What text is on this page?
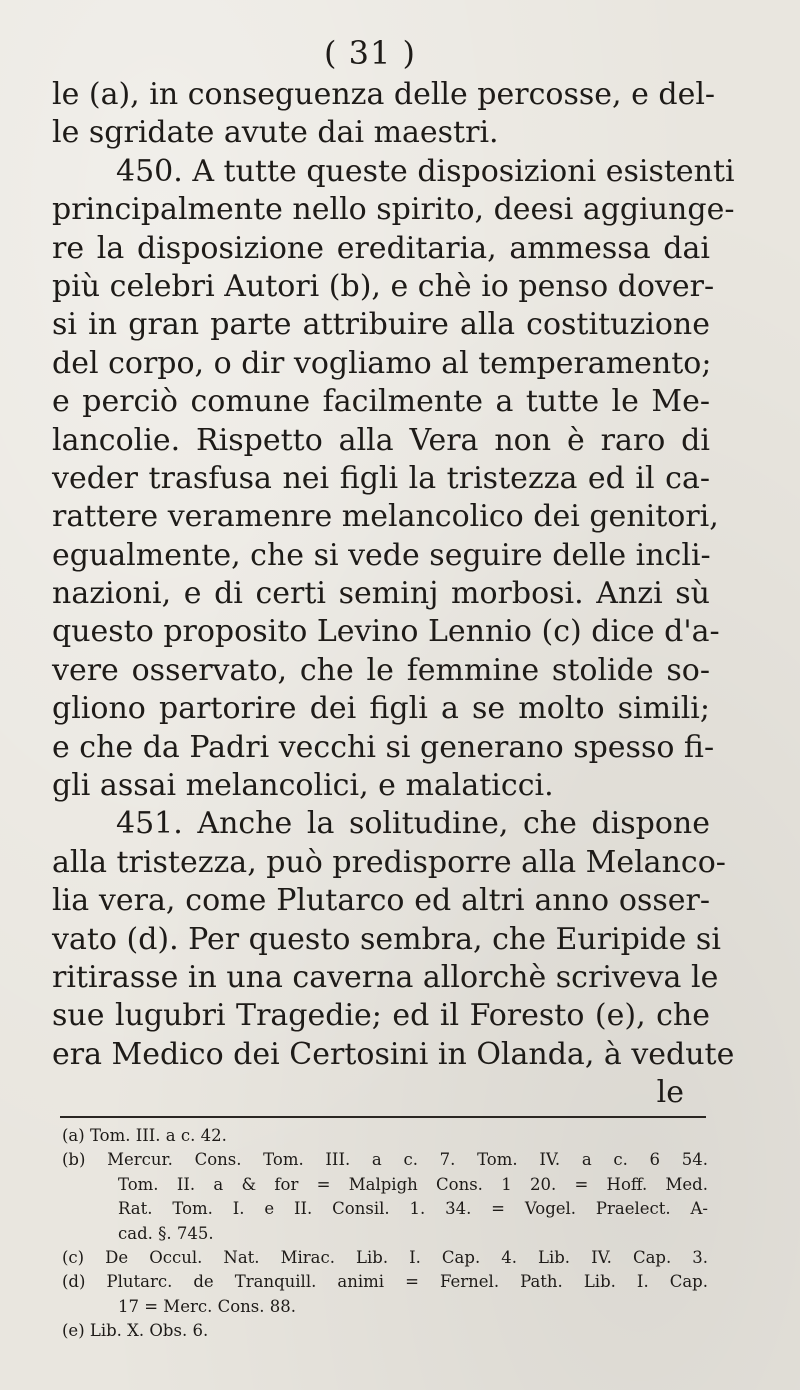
( 31 )
le (a), in conseguenza delle percosse, e del-
le sgridate avute dai maestri.
450. A tutte queste disposizioni esistenti
principalmente nello spirito, deesi aggiunge-
re la disposizione ereditaria, ammessa dai
più celebri Autori (b), e chè io penso dover-
si in gran parte attribuire alla costituzione
del corpo, o dir vogliamo al temperamento;
e perciò comune facilmente a tutte le Me-
lancolie. Rispetto alla Vera non è raro di
veder trasfusa nei figli la tristezza ed il ca-
rattere veramenre melancolico dei genitori,
egualmente, che si vede seguire delle incli-
nazioni, e di certi seminj morbosi. Anzi sù
questo proposito Levino Lennio (c) dice d'a-
vere osservato, che le femmine stolide so-
gliono partorire dei figli a se molto simili;
e che da Padri vecchi si generano spesso fi-
gli assai melancolici, e malaticci.
451. Anche la solitudine, che dispone
alla tristezza, può predisporre alla Melanco-
lia vera, come Plutarco ed altri anno osser-
vato (d). Per questo sembra, che Euripide si
ritirasse in una caverna allorchè scriveva le
sue lugubri Tragedie; ed il Foresto (e), che
era Medico dei Certosini in Olanda, à vedute
le
(a) Tom. III. a c. 42.
(b) Mercur. Cons. Tom. III. a c. 7. Tom. IV. a c. 6 54.
Tom. II. a & for = Malpigh Cons. 1 20. = Hoff. Med.
Rat. Tom. I. e II. Consil. 1. 34. = Vogel. Praelect. A-
cad. §. 745.
(c) De Occul. Nat. Mirac. Lib. I. Cap. 4. Lib. IV. Cap. 3.
(d) Plutarc. de Tranquill. animi = Fernel. Path. Lib. I. Cap.
17 = Merc. Cons. 88.
(e) Lib. X. Obs. 6.
